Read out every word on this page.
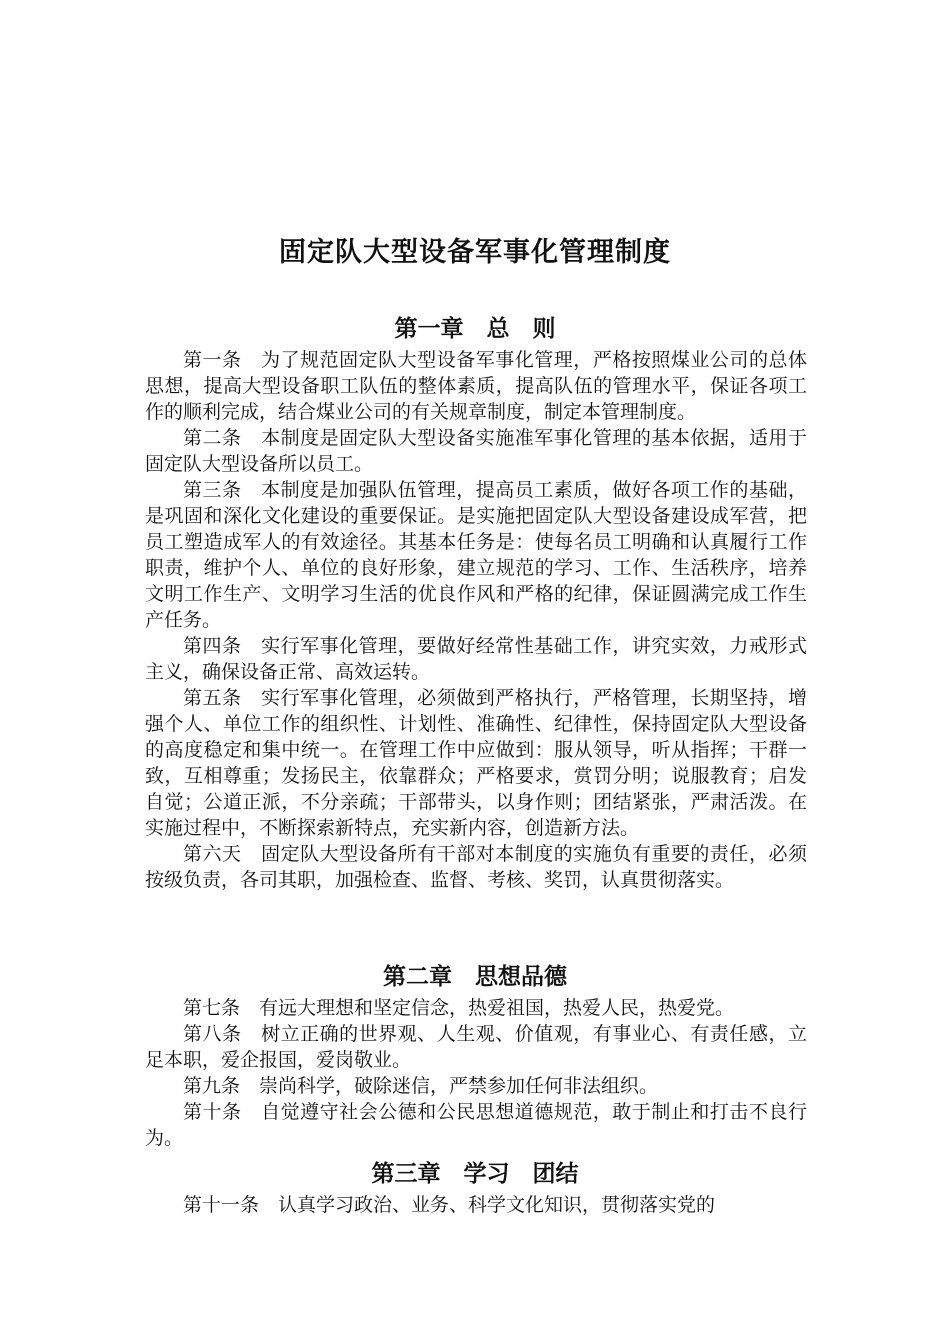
固定队大型设备军事化管理制度
第一章　总　则

第一条　为了规范固定队大型设备军事化管理，严格按照煤业公司的总体思想，提高大型设备职工队伍的整体素质，提高队伍的管理水平，保证各项工作的顺利完成，结合煤业公司的有关规章制度，制定本管理制度。

第二条　本制度是固定队大型设备实施准军事化管理的基本依据，适用于固定队大型设备所以员工。

第三条　本制度是加强队伍管理，提高员工素质，做好各项工作的基础，是巩固和深化文化建设的重要保证。是实施把固定队大型设备建设成军营，把员工塑造成军人的有效途径。其基本任务是：使每名员工明确和认真履行工作职责，维护个人、单位的良好形象，建立规范的学习、工作、生活秩序，培养文明工作生产、文明学习生活的优良作风和严格的纪律，保证圆满完成工作生产任务。

第四条　实行军事化管理，要做好经常性基础工作，讲究实效，力戒形式主义，确保设备正常、高效运转。

第五条　实行军事化管理，必须做到严格执行，严格管理，长期坚持，增强个人、单位工作的组织性、计划性、准确性、纪律性，保持固定队大型设备的高度稳定和集中统一。在管理工作中应做到：服从领导，听从指挥；干群一致，互相尊重；发扬民主，依靠群众；严格要求，赏罚分明；说服教育；启发自觉；公道正派，不分亲疏；干部带头，以身作则；团结紧张，严肃活泼。在实施过程中，不断探索新特点，充实新内容，创造新方法。

第六天　固定队大型设备所有干部对本制度的实施负有重要的责任，必须按级负责，各司其职，加强检查、监督、考核、奖罚，认真贯彻落实。

第二章　思想品德

第七条　有远大理想和坚定信念，热爱祖国，热爱人民，热爱党。

第八条　树立正确的世界观、人生观、价值观，有事业心、有责任感，立足本职，爱企报国，爱岗敬业。

第九条　崇尚科学，破除迷信，严禁参加任何非法组织。

第十条　自觉遵守社会公德和公民思想道德规范，敢于制止和打击不良行为。

第三章　学习　团结

第十一条　认真学习政治、业务、科学文化知识，贯彻落实党的
